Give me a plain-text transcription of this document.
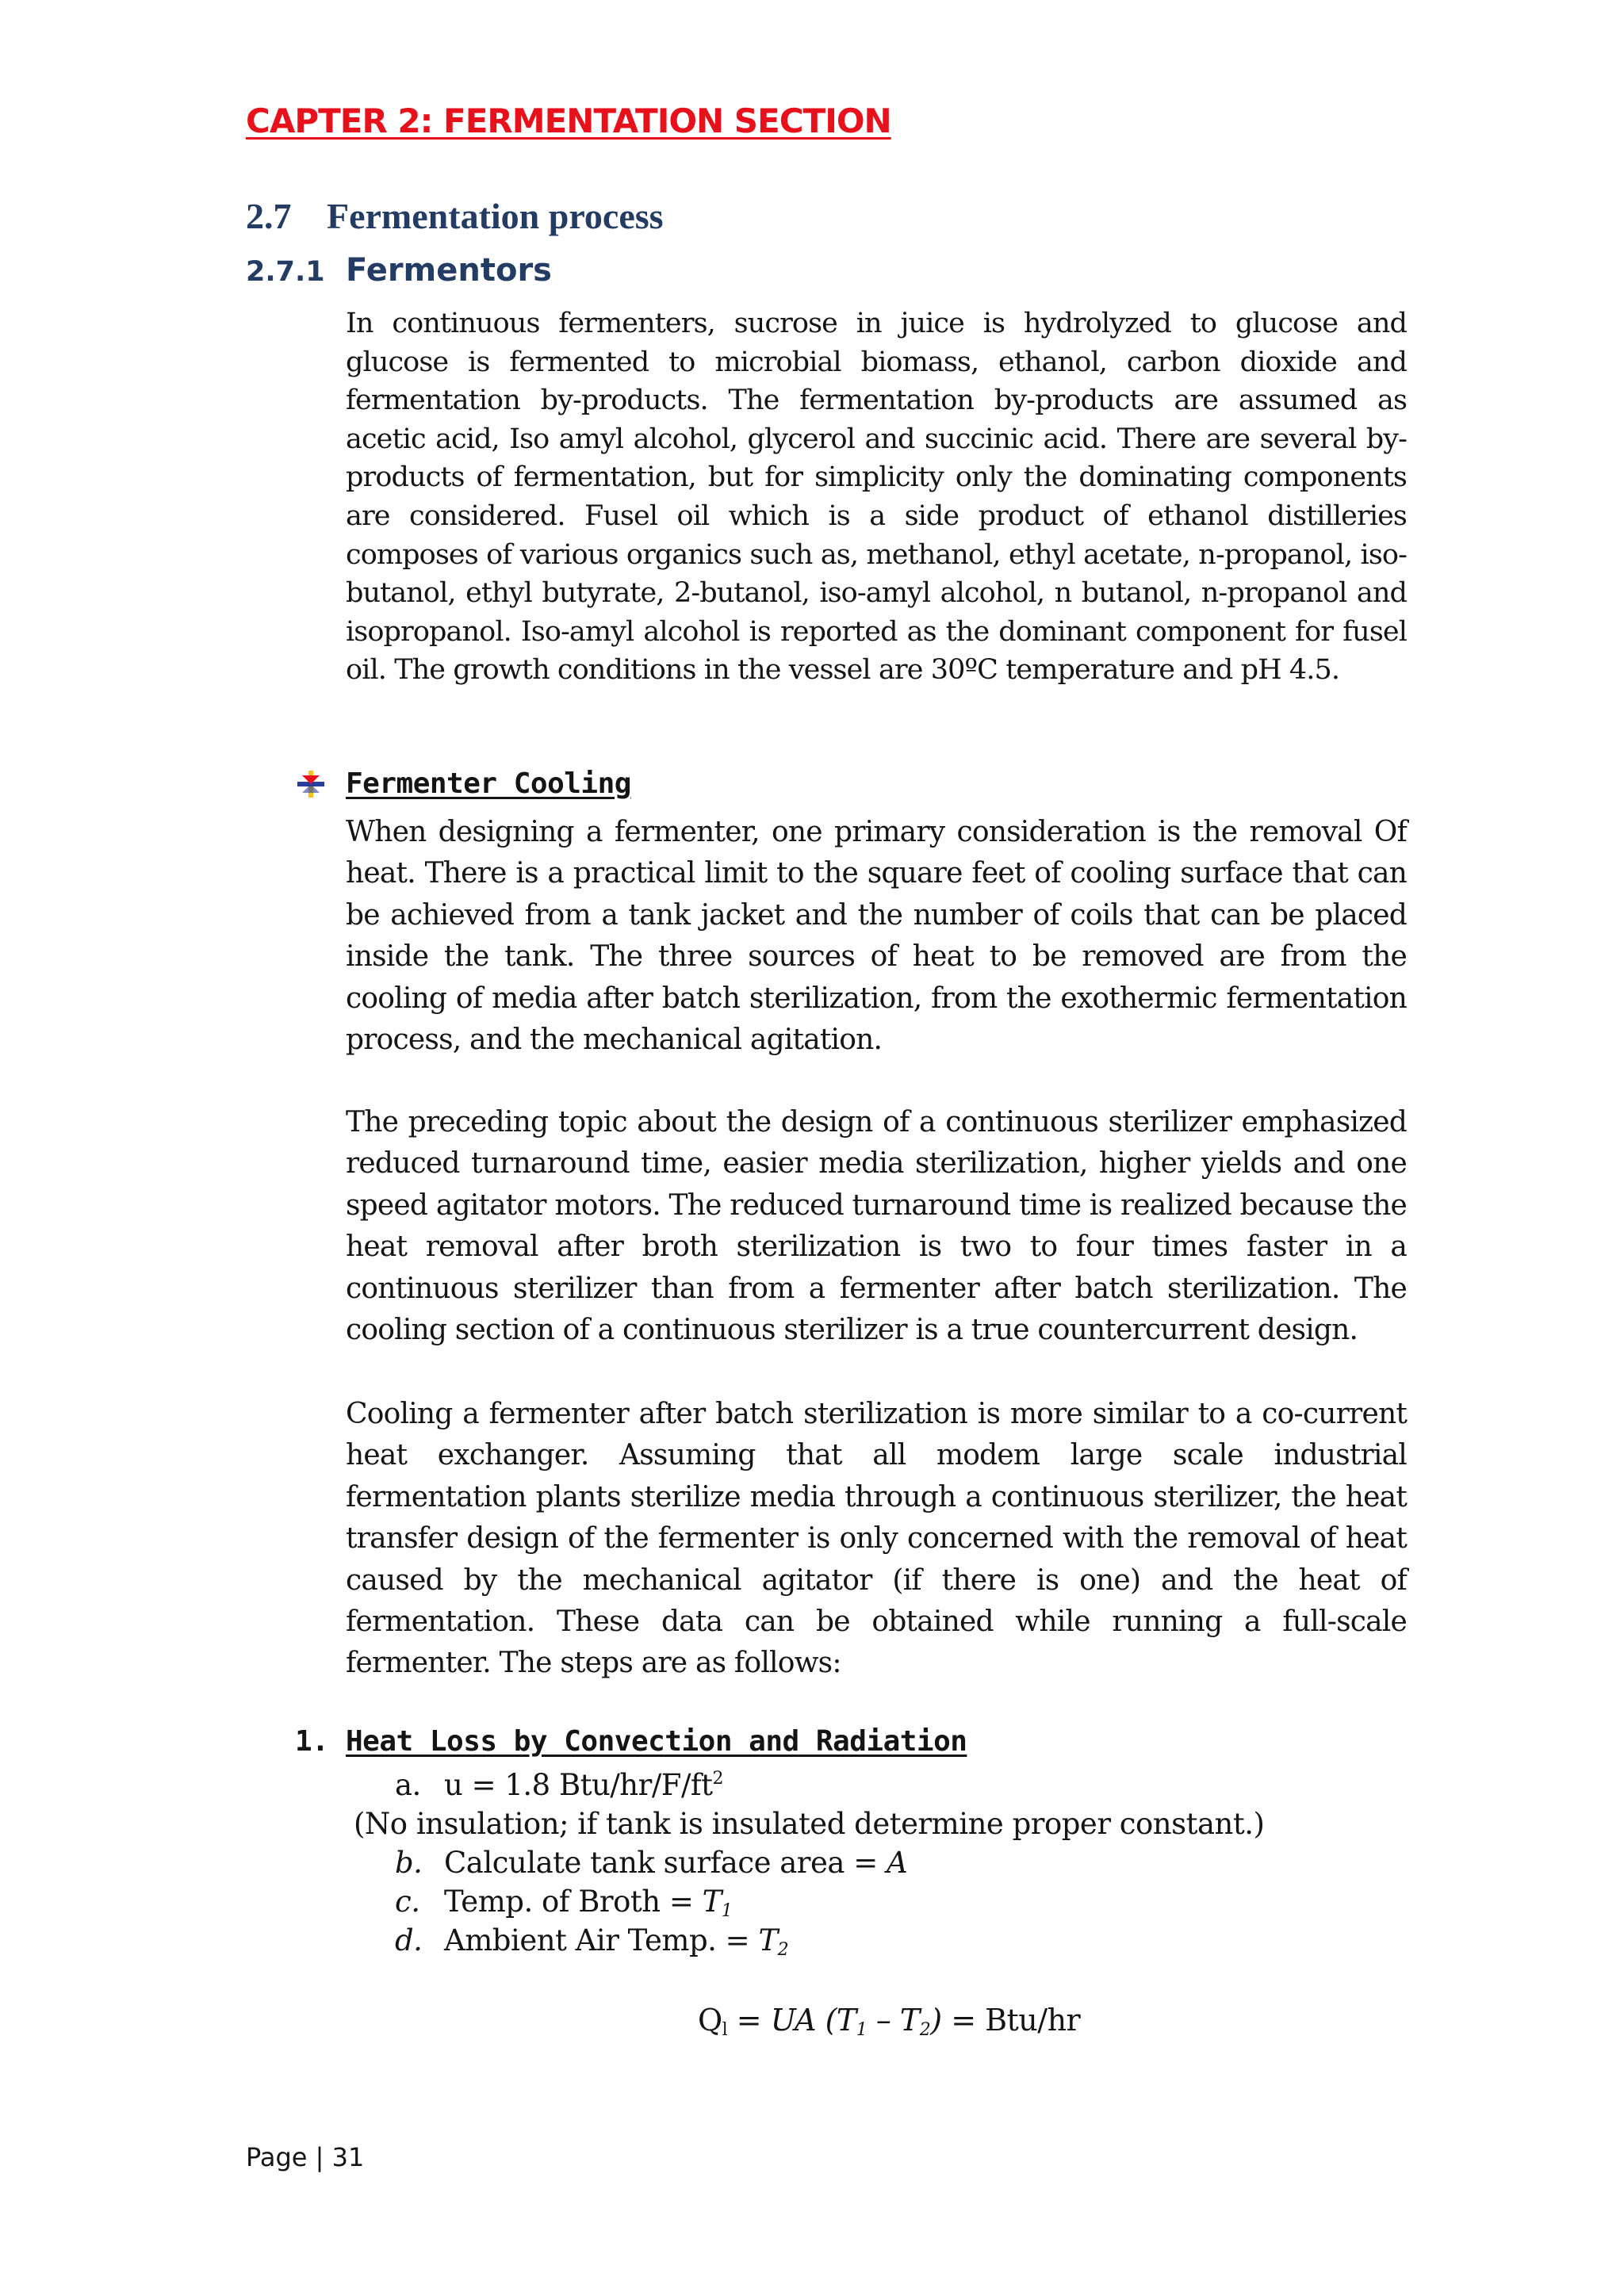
CAPTER 2: FERMENTATION SECTION
2.7 Fermentation process
2.7.1 Fermentors

In continuous fermenters, sucrose in juice is hydrolyzed to glucose and glucose is fermented to microbial biomass, ethanol, carbon dioxide and fermentation by-products. The fermentation by-products are assumed as acetic acid, Iso amyl alcohol, glycerol and succinic acid. There are several by-products of fermentation, but for simplicity only the dominating components are considered. Fusel oil which is a side product of ethanol distilleries composes of various organics such as, methanol, ethyl acetate, n-propanol, iso-butanol, ethyl butyrate, 2-butanol, iso-amyl alcohol, n butanol, n-propanol and isopropanol. Iso-amyl alcohol is reported as the dominant component for fusel oil. The growth conditions in the vessel are 30ºC temperature and pH 4.5.

Fermenter Cooling

When designing a fermenter, one primary consideration is the removal Of heat. There is a practical limit to the square feet of cooling surface that can be achieved from a tank jacket and the number of coils that can be placed inside the tank. The three sources of heat to be removed are from the cooling of media after batch sterilization, from the exothermic fermentation process, and the mechanical agitation.

The preceding topic about the design of a continuous sterilizer emphasized reduced turnaround time, easier media sterilization, higher yields and one speed agitator motors. The reduced turnaround time is realized because the heat removal after broth sterilization is two to four times faster in a continuous sterilizer than from a fermenter after batch sterilization. The cooling section of a continuous sterilizer is a true countercurrent design.

Cooling a fermenter after batch sterilization is more similar to a co-current heat exchanger. Assuming that all modem large scale industrial fermentation plants sterilize media through a continuous sterilizer, the heat transfer design of the fermenter is only concerned with the removal of heat caused by the mechanical agitator (if there is one) and the heat of fermentation. These data can be obtained while running a full-scale fermenter. The steps are as follows:

1. Heat Loss by Convection and Radiation
a. u = 1.8 Btu/$hr/F/ft^2$
(No insulation; if tank is insulated determine proper constant.)
b. Calculate tank surface area = A
c. Temp. of Broth = T1
d. Ambient Air Temp. = T2
Ql = UA (T1 – T2) = Btu/hr
Page | 31
